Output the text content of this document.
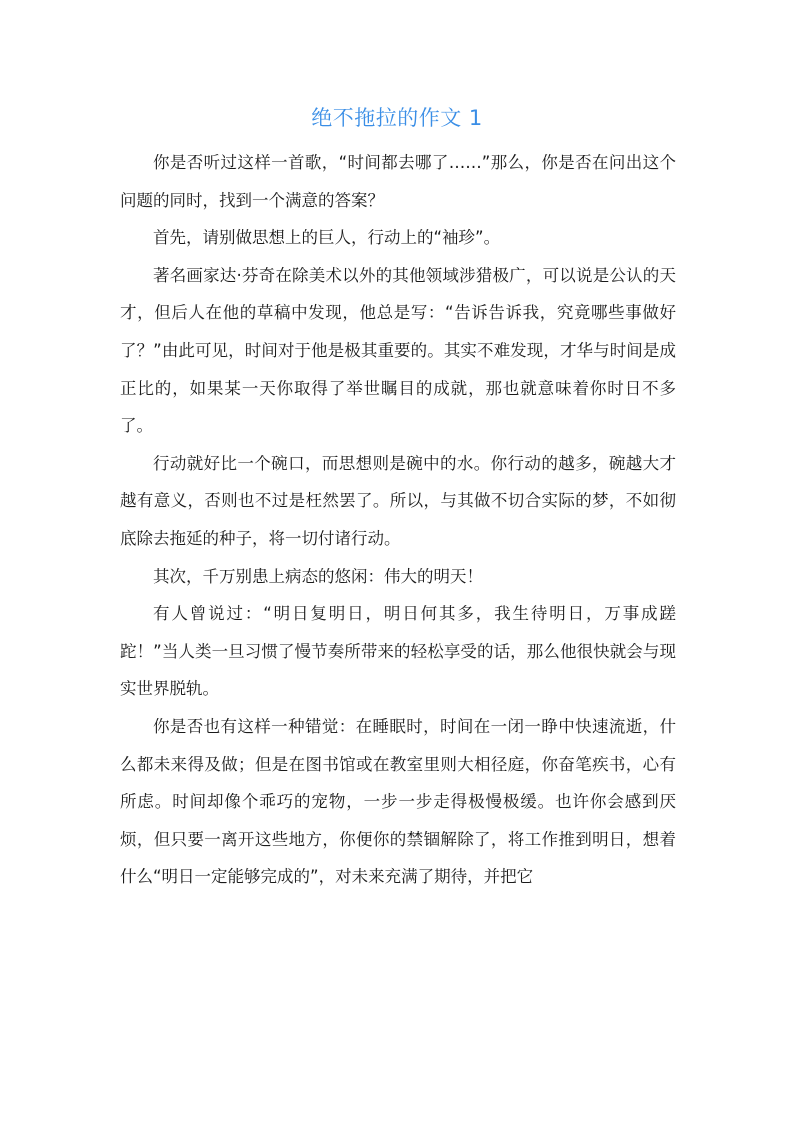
绝不拖拉的作文 1

你是否听过这样一首歌，“时间都去哪了……”那么，你是否在问出这个问题的同时，找到一个满意的答案？

首先，请别做思想上的巨人，行动上的“袖珍”。

著名画家达·芬奇在除美术以外的其他领域涉猎极广，可以说是公认的天才，但后人在他的草稿中发现，他总是写：“告诉告诉我，究竟哪些事做好了？”由此可见，时间对于他是极其重要的。其实不难发现，才华与时间是成正比的，如果某一天你取得了举世瞩目的成就，那也就意味着你时日不多了。

行动就好比一个碗口，而思想则是碗中的水。你行动的越多，碗越大才越有意义，否则也不过是枉然罢了。所以，与其做不切合实际的梦，不如彻底除去拖延的种子，将一切付诸行动。

其次，千万别患上病态的悠闲：伟大的明天！

有人曾说过：“明日复明日，明日何其多，我生待明日，万事成蹉跎！”当人类一旦习惯了慢节奏所带来的轻松享受的话，那么他很快就会与现实世界脱轨。

你是否也有这样一种错觉：在睡眠时，时间在一闭一睁中快速流逝，什么都未来得及做；但是在图书馆或在教室里则大相径庭，你奋笔疾书，心有所虑。时间却像个乖巧的宠物，一步一步走得极慢极缓。也许你会感到厌烦，但只要一离开这些地方，你便你的禁锢解除了，将工作推到明日，想着什么“明日一定能够完成的”，对未来充满了期待，并把它
